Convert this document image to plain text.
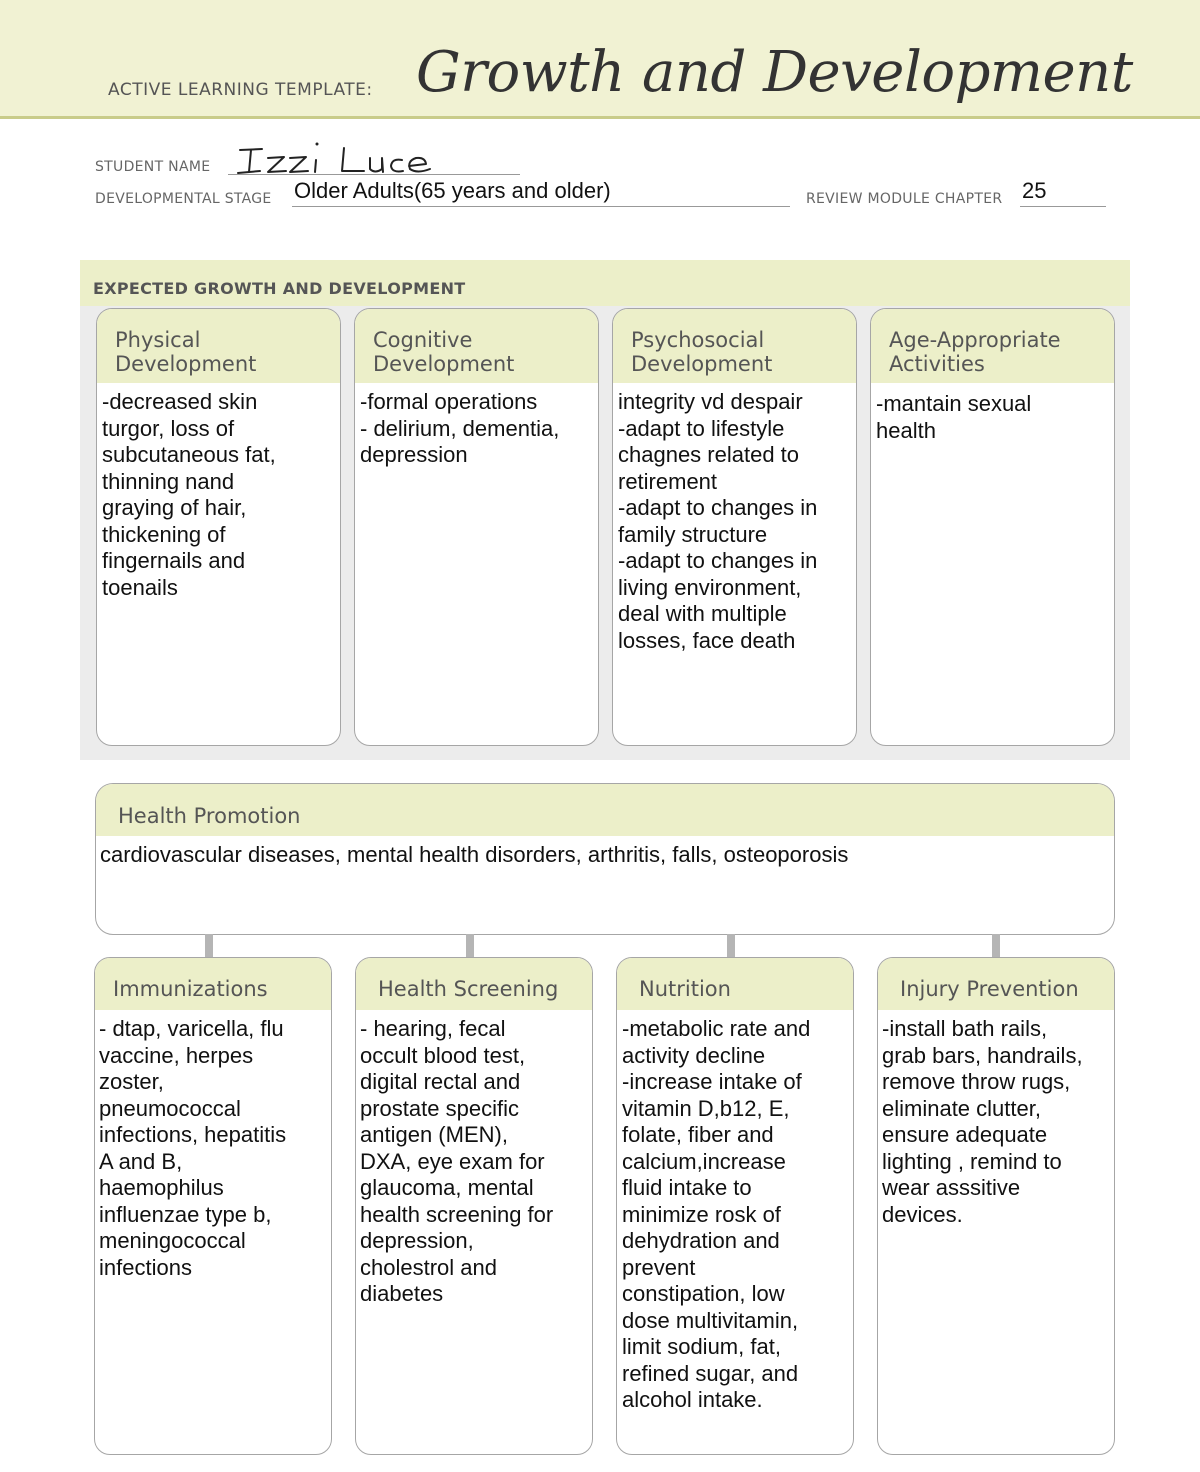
ACTIVE LEARNING TEMPLATE: Growth and Development
STUDENT NAME
DEVELOPMENTAL STAGE Older Adults(65 years and older)	REVIEW MODULE CHAPTER 25
EXPECTED GROWTH AND DEVELOPMENT
Physical
Development
-decreased skin
turgor, loss of
subcutaneous fat,
thinning nand
graying of hair,
thickening of
fingernails and
toenails
Cognitive
Development
-formal operations
- delirium, dementia,
depression
Psychosocial
Development
integrity vd despair
-adapt to lifestyle
chagnes related to
retirement
-adapt to changes in
family structure
-adapt to changes in
living environment,
deal with multiple
losses, face death
Age-Appropriate
Activities
-mantain sexual
health
Health Promotion
cardiovascular diseases, mental health disorders, arthritis, falls, osteoporosis
Immunizations
- dtap, varicella, flu
vaccine, herpes
zoster,
pneumococcal
infections, hepatitis
A and B,
haemophilus
influenzae type b,
meningococcal
infections
Health Screening
- hearing, fecal
occult blood test,
digital rectal and
prostate specific
antigen (MEN),
DXA, eye exam for
glaucoma, mental
health screening for
depression,
cholestrol and
diabetes
Nutrition
-metabolic rate and
activity decline
-increase intake of
vitamin D,b12, E,
folate, fiber and
calcium,increase
fluid intake to
minimize rosk of
dehydration and
prevent
constipation, low
dose multivitamin,
limit sodium, fat,
refined sugar, and
alcohol intake.
Injury Prevention
-install bath rails,
grab bars, handrails,
remove throw rugs,
eliminate clutter,
ensure adequate
lighting , remind to
wear asssitive
devices.
